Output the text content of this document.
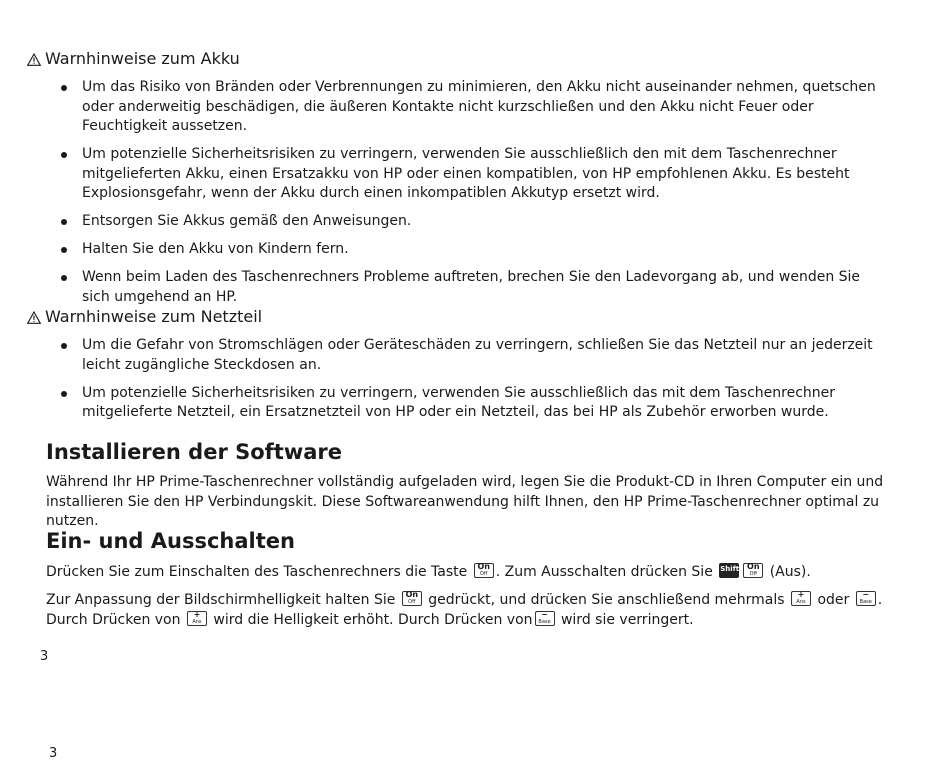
Warnhinweise zum Akku
Um das Risiko von Bränden oder Verbrennungen zu minimieren, den Akku nicht auseinander nehmen, quetschen oder anderweitig beschädigen, die äußeren Kontakte nicht kurzschließen und den Akku nicht Feuer oder Feuchtigkeit aussetzen.
Um potenzielle Sicherheitsrisiken zu verringern, verwenden Sie ausschließlich den mit dem Taschenrechner mitgelieferten Akku, einen Ersatzakku von HP oder einen kompatiblen, von HP empfohlenen Akku. Es besteht Explosionsgefahr, wenn der Akku durch einen inkompatiblen Akkutyp ersetzt wird.
Entsorgen Sie Akkus gemäß den Anweisungen.
Halten Sie den Akku von Kindern fern.
Wenn beim Laden des Taschenrechners Probleme auftreten, brechen Sie den Ladevorgang ab, und wenden Sie sich umgehend an HP.
Warnhinweise zum Netzteil
Um die Gefahr von Stromschlägen oder Geräteschäden zu verringern, schließen Sie das Netzteil nur an jederzeit leicht zugängliche Steckdosen an.
Um potenzielle Sicherheitsrisiken zu verringern, verwenden Sie ausschließlich das mit dem Taschenrechner mitgelieferte Netzteil, ein Ersatznetzteil von HP oder ein Netzteil, das bei HP als Zubehör erworben wurde.
Installieren der Software

Während Ihr HP Prime-Taschenrechner vollständig aufgeladen wird, legen Sie die Produkt-CD in Ihren Computer ein und installieren Sie den HP Verbindungskit. Diese Softwareanwendung hilft Ihnen, den HP Prime-Taschenrechner optimal zu nutzen.

Ein- und Ausschalten

Drücken Sie zum Einschalten des Taschenrechners die Taste	On
Off . Zum Ausschalten drücken Sie Shift On
Off (Aus).

Zur Anpassung der Bildschirmhelligkeit halten Sie	On
Off gedrückt, und drücken Sie anschließend mehrmals	+
Ans oder	−
Base .
Durch Drücken von	+
Ans wird die Helligkeit erhöht. Durch Drücken von	−
Base wird sie verringert.

3
3
